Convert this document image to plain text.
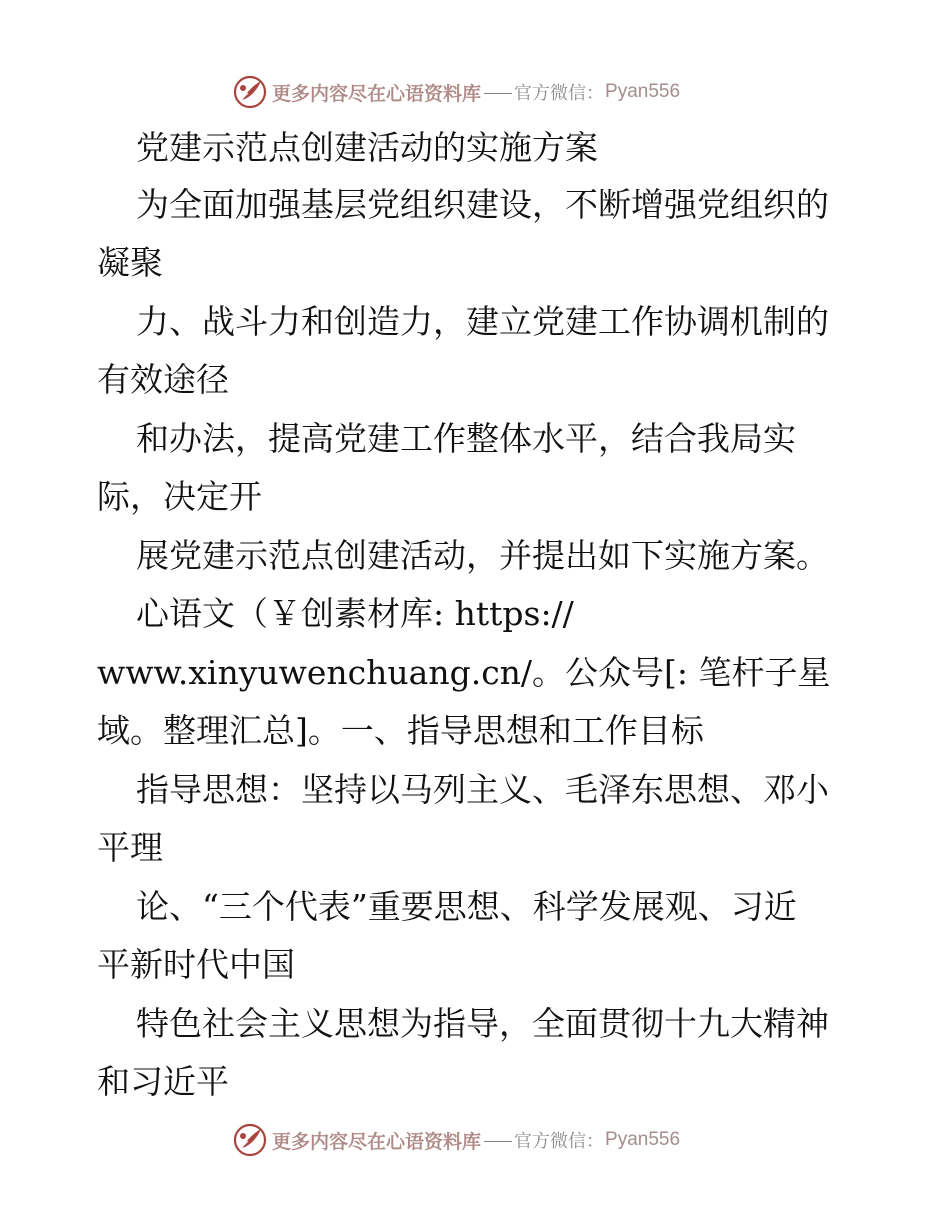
更多内容尽在心语资料库 官方微信： Pyan556
党建示范点创建活动的实施方案
为全面加强基层党组织建设，不断增强党组织的
凝聚
力、战斗力和创造力，建立党建工作协调机制的
有效途径
和办法，提高党建工作整体水平，结合我局实
际，决定开
展党建示范点创建活动，并提出如下实施方案。
心语文（￥创素材库: https://
www.xinyuwenchuang.cn/。公众号[: 笔杆子星
域。整理汇总]。一、指导思想和工作目标
指导思想：坚持以马列主义、毛泽东思想、邓小
平理
论、“三个代表”重要思想、科学发展观、习近
平新时代中国
特色社会主义思想为指导，全面贯彻十九大精神
和习近平
更多内容尽在心语资料库 官方微信： Pyan556
